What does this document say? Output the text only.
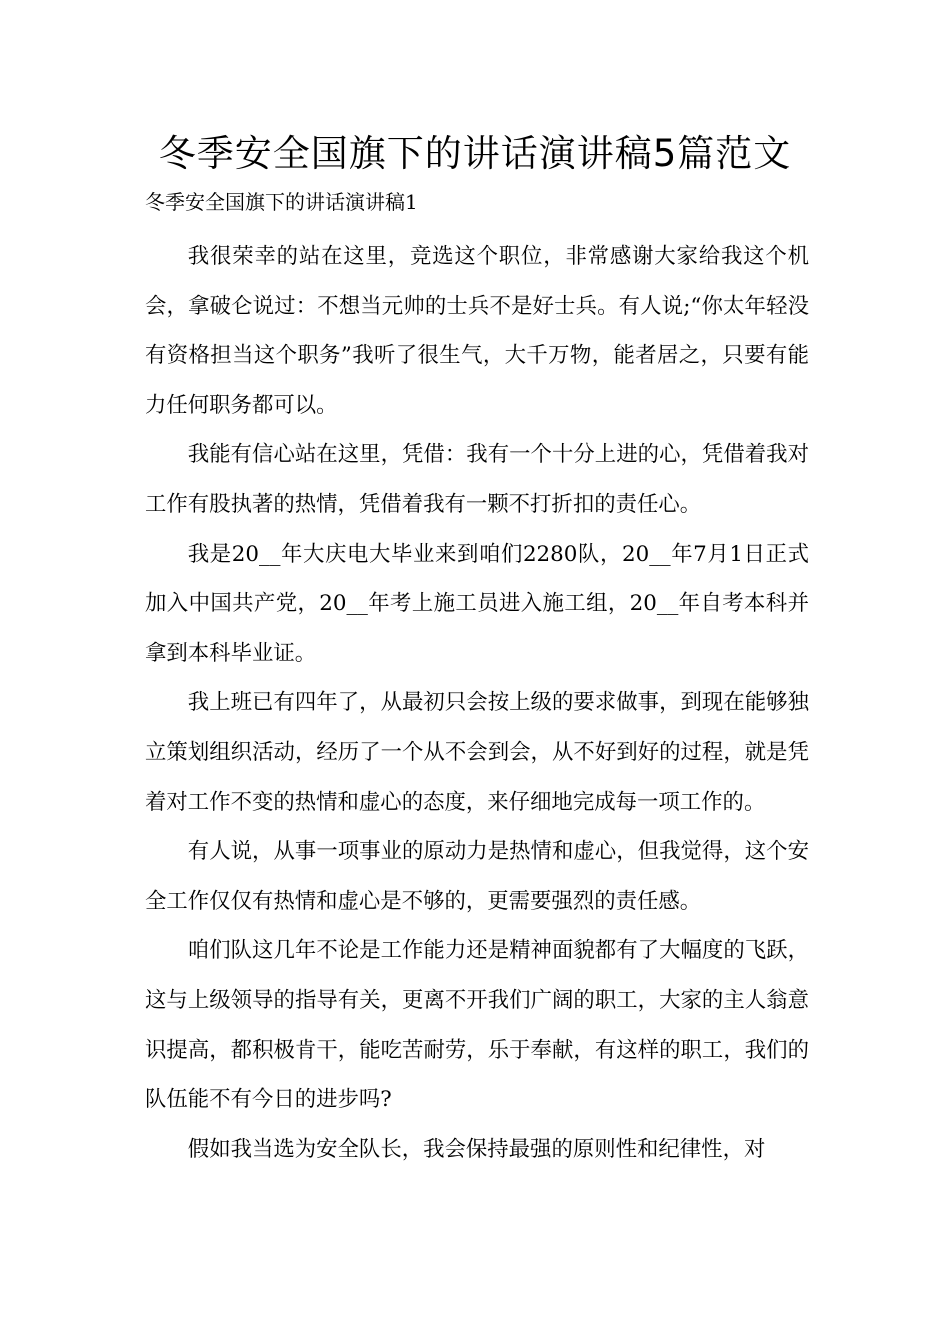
冬季安全国旗下的讲话演讲稿5篇范文
冬季安全国旗下的讲话演讲稿1

我很荣幸的站在这里，竞选这个职位，非常感谢大家给我这个机会，拿破仑说过：不想当元帅的士兵不是好士兵。有人说;“你太年轻没有资格担当这个职务”我听了很生气，大千万物，能者居之，只要有能力任何职务都可以。

我能有信心站在这里，凭借：我有一个十分上进的心，凭借着我对工作有股执著的热情，凭借着我有一颗不打折扣的责任心。

我是20__年大庆电大毕业来到咱们2280队，20__年7月1日正式加入中国共产党，20__年考上施工员进入施工组，20__年自考本科并拿到本科毕业证。

我上班已有四年了，从最初只会按上级的要求做事，到现在能够独立策划组织活动，经历了一个从不会到会，从不好到好的过程，就是凭着对工作不变的热情和虚心的态度，来仔细地完成每一项工作的。

有人说，从事一项事业的原动力是热情和虚心，但我觉得，这个安全工作仅仅有热情和虚心是不够的，更需要强烈的责任感。

咱们队这几年不论是工作能力还是精神面貌都有了大幅度的飞跃，这与上级领导的指导有关，更离不开我们广阔的职工，大家的主人翁意识提高，都积极肯干，能吃苦耐劳，乐于奉献，有这样的职工，我们的队伍能不有今日的进步吗?

假如我当选为安全队长，我会保持最强的原则性和纪律性，对
